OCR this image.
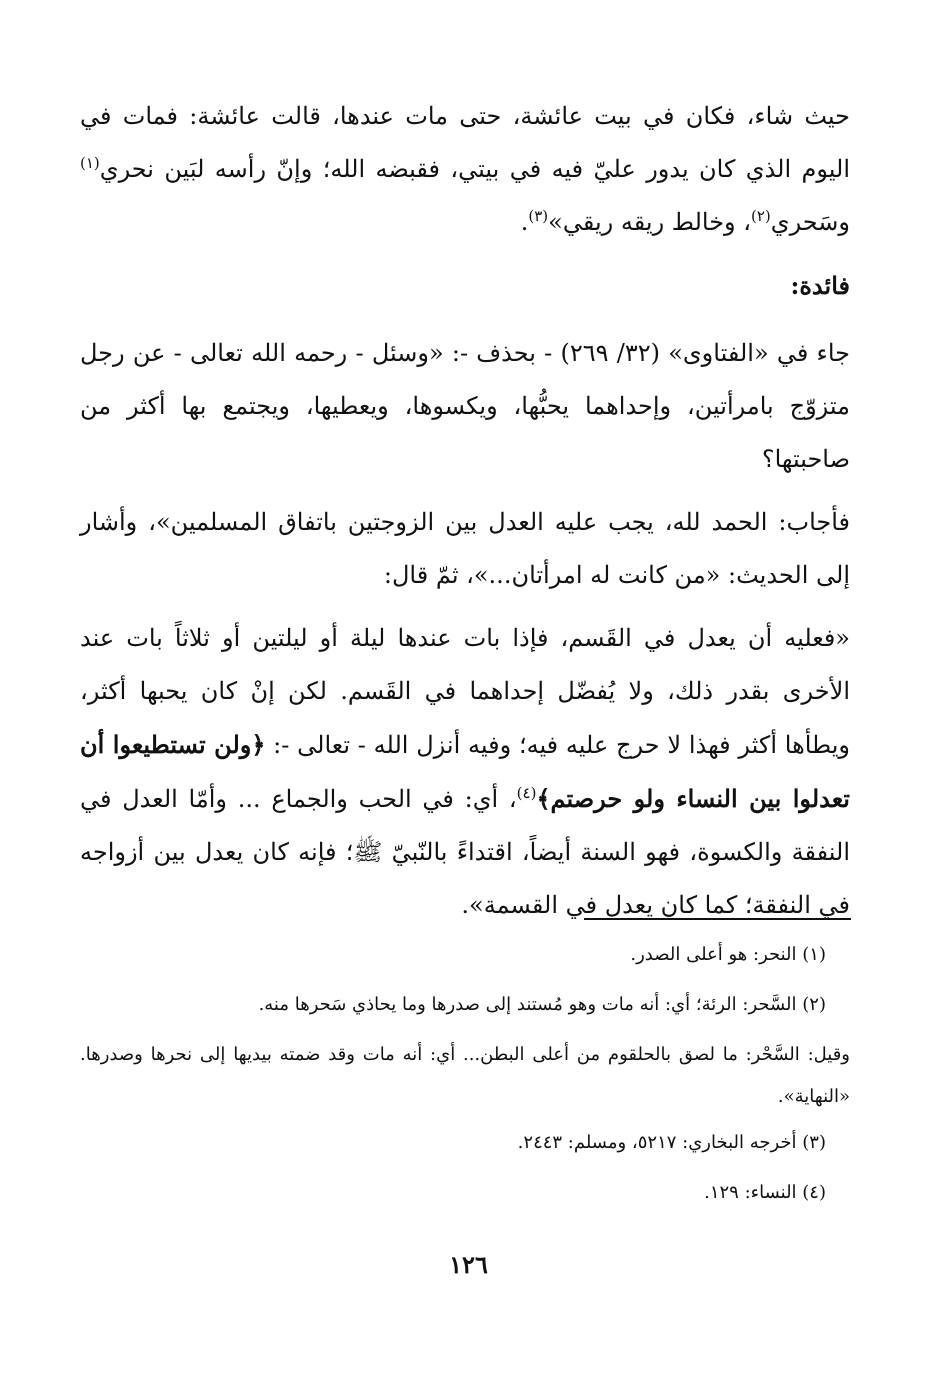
حيث شاء، فكان في بيت عائشة، حتى مات عندها، قالت عائشة: فمات في اليوم الذي كان يدور عليّ فيه في بيتي، فقبضه الله؛ وإنّ رأسه لبَين نحري$^{(١)}$ وسَحري$^{(٢)}$، وخالط ريقه ريقي»$^{(٣)}$.

فائدة:

جاء في «الفتاوى» (٣٢/ ٢٦٩) - بحذف -: «وسئل - رحمه الله تعالى - عن رجل متزوّج بامرأتين، وإحداهما يحبُّها، ويكسوها، ويعطيها، ويجتمع بها أكثر من صاحبتها؟

فأجاب: الحمد لله، يجب عليه العدل بين الزوجتين باتفاق المسلمين»، وأشار إلى الحديث: «من كانت له امرأتان...»، ثمّ قال:

«فعليه أن يعدل في القَسم، فإذا بات عندها ليلة أو ليلتين أو ثلاثاً بات عند الأخرى بقدر ذلك، ولا يُفضّل إحداهما في القَسم. لكن إنْ كان يحبها أكثر، ويطأها أكثر فهذا لا حرج عليه فيه؛ وفيه أنزل الله - تعالى -: ﴿ولن تستطيعوا أن تعدلوا بين النساء ولو حرصتم﴾$^{(٤)}$، أي: في الحب والجماع ... وأمّا العدل في النفقة والكسوة، فهو السنة أيضاً، اقتداءً بالنّبيّ ﷺ؛ فإنه كان يعدل بين أزواجه في النفقة؛ كما كان يعدل في القسمة».

(١) النحر: هو أعلى الصدر.

(٢) السَّحر: الرئة؛ أي: أنه مات وهو مُستند إلى صدرها وما يحاذي سَحرها منه.

وقيل: السَّحْر: ما لصق بالحلقوم من أعلى البطن... أي: أنه مات وقد ضمته بيديها إلى نحرها وصدرها. «النهاية».

(٣) أخرجه البخاري: ٥٢١٧، ومسلم: ٢٤٤٣.

(٤) النساء: ١٢٩.

١٢٦
